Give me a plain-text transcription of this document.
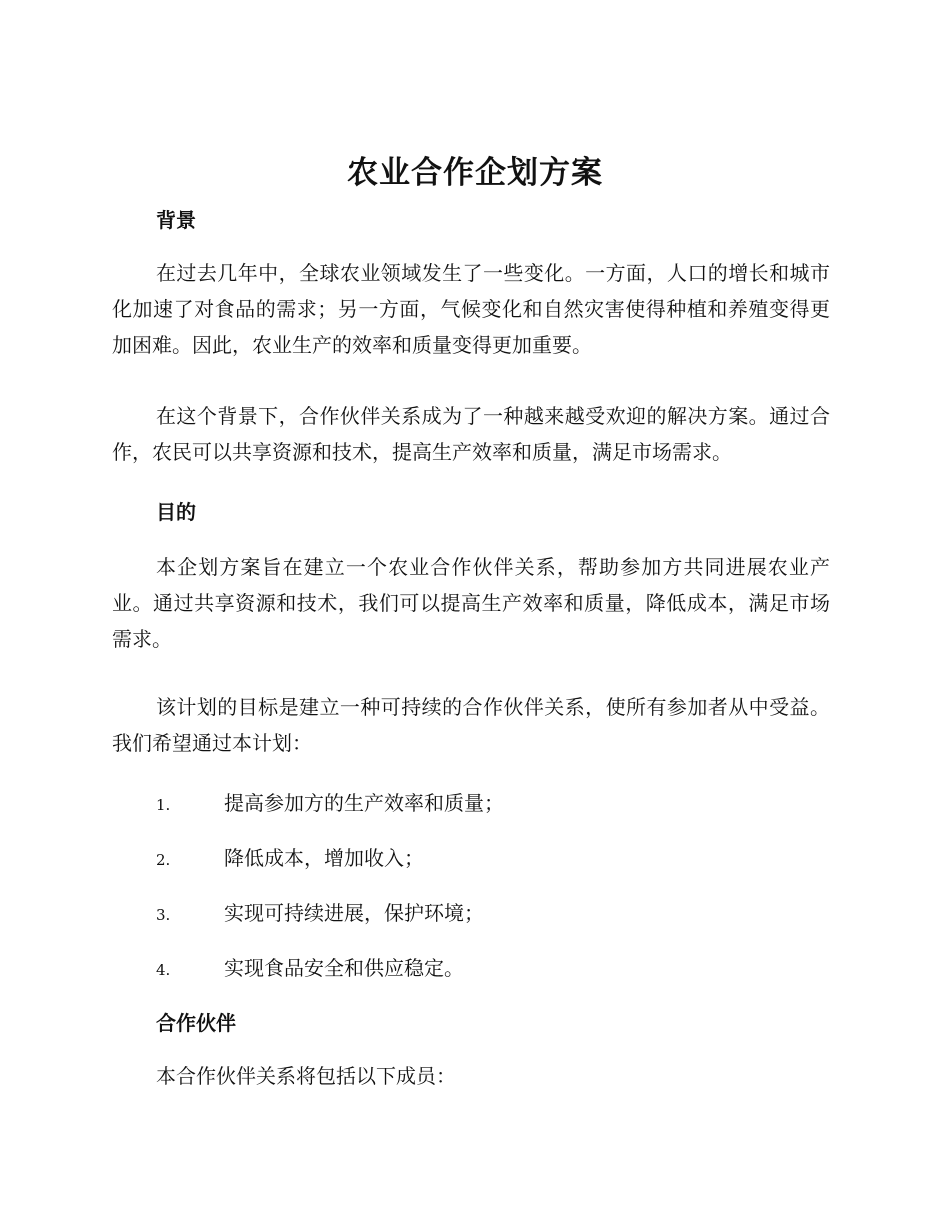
农业合作企划方案
背景

在过去几年中，全球农业领域发生了一些变化。一方面，人口的增长和城市化加速了对食品的需求；另一方面，气候变化和自然灾害使得种植和养殖变得更加困难。因此，农业生产的效率和质量变得更加重要。

在这个背景下，合作伙伴关系成为了一种越来越受欢迎的解决方案。通过合作，农民可以共享资源和技术，提高生产效率和质量，满足市场需求。

目的

本企划方案旨在建立一个农业合作伙伴关系，帮助参加方共同进展农业产业。通过共享资源和技术，我们可以提高生产效率和质量，降低成本，满足市场需求。

该计划的目标是建立一种可持续的合作伙伴关系，使所有参加者从中受益。我们希望通过本计划：

1.	提高参加方的生产效率和质量；
2.	降低成本，增加收入；
3.	实现可持续进展，保护环境；
4.	实现食品安全和供应稳定。
合作伙伴

本合作伙伴关系将包括以下成员：
